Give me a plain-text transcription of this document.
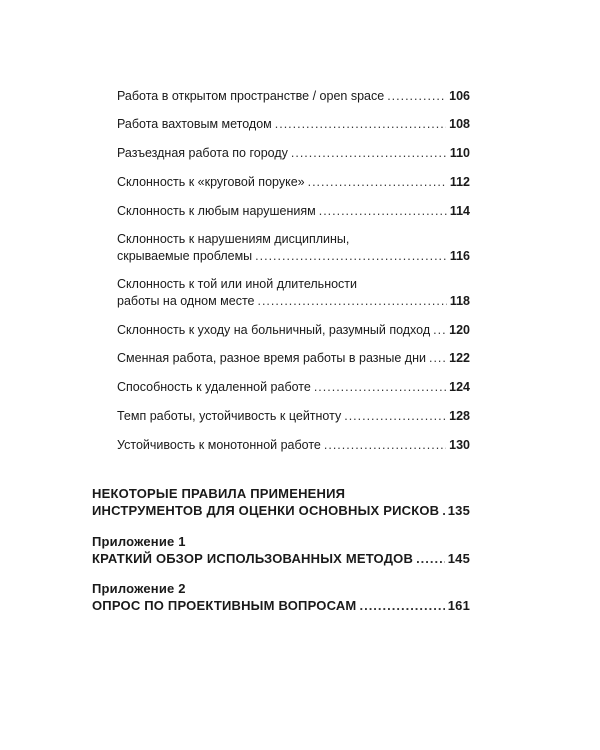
Работа в открытом пространстве / open space .....	106
Работа вахтовым методом .....	108
Разъездная работа по городу .....	110
Склонность к «круговой поруке» .....	112
Склонность к любым нарушениям .....	114
Склонность к нарушениям дисциплины,
скрываемые проблемы .....	116
Склонность к той или иной длительности
работы на одном месте .....	118
Склонность к уходу на больничный, разумный подход ..... 120
Сменная работа, разное время работы в разные дни ..... 122
Способность к удаленной работе .....	124
Темп работы, устойчивость к цейтноту .....	128
Устойчивость к монотонной работе .....	130
НЕКОТОРЫЕ ПРАВИЛА ПРИМЕНЕНИЯ
ИНСТРУМЕНТОВ ДЛЯ ОЦЕНКИ ОСНОВНЫХ РИСКОВ ..... 135
Приложение 1
КРАТКИЙ ОБЗОР ИСПОЛЬЗОВАННЫХ МЕТОДОВ .....	145
Приложение 2
ОПРОС ПО ПРОЕКТИВНЫМ ВОПРОСАМ .....	161
